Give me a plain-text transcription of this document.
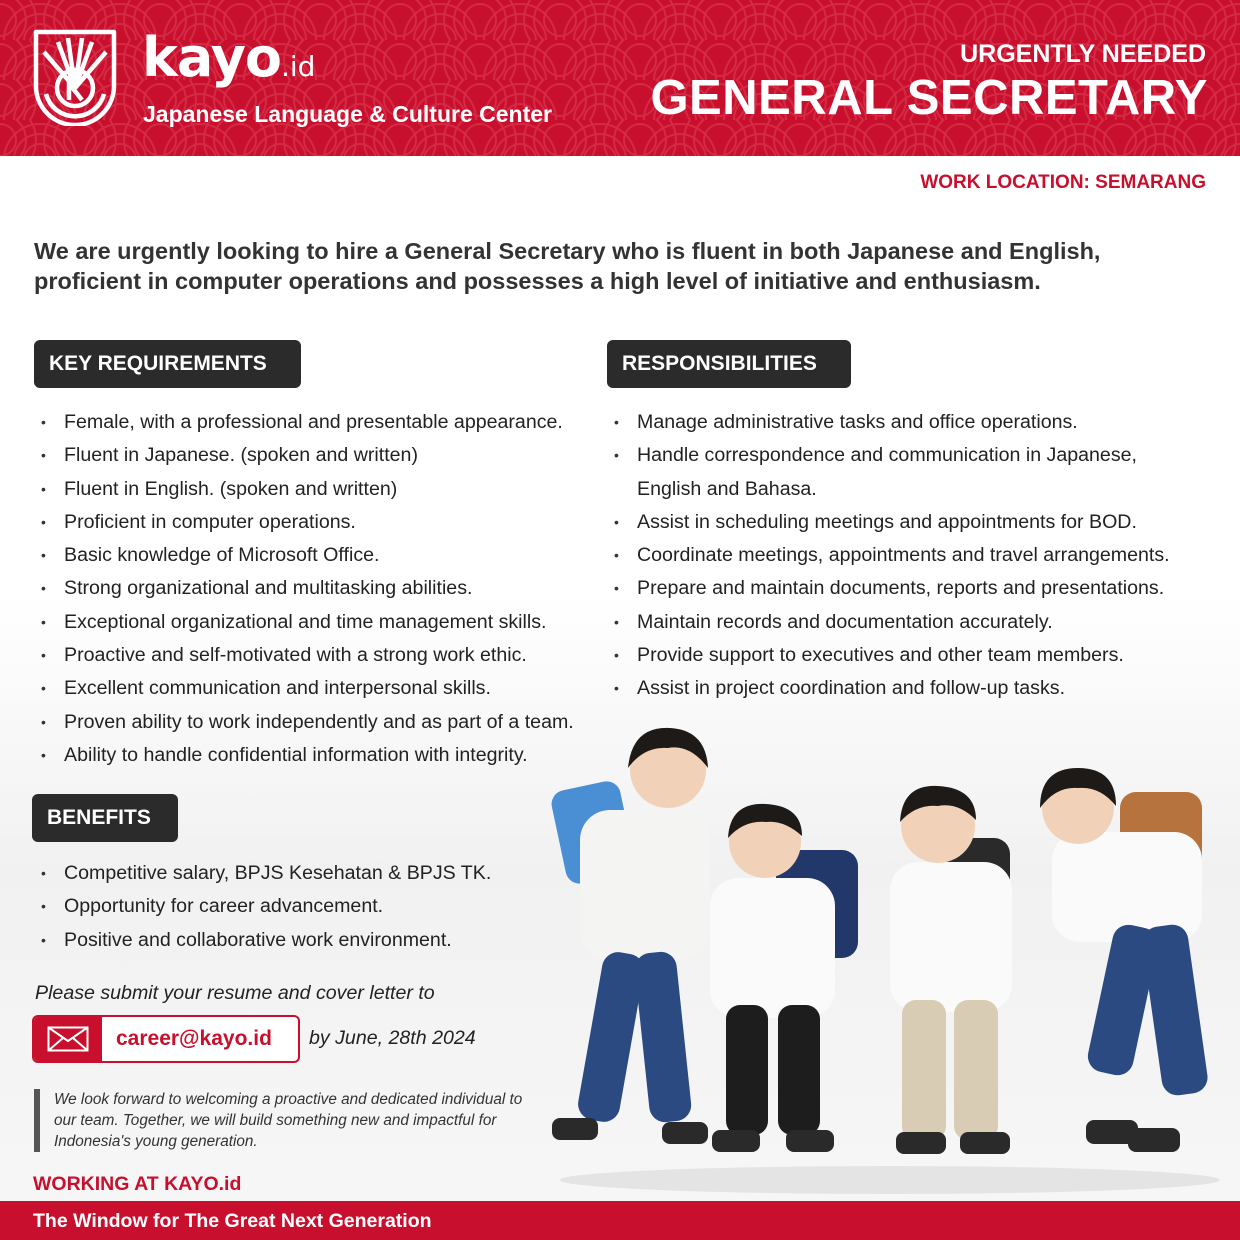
kayo.id
Japanese Language & Culture Center
URGENTLY NEEDED
GENERAL SECRETARY
WORK LOCATION: SEMARANG
We are urgently looking to hire a General Secretary who is fluent in both Japanese and English, proficient in computer operations and possesses a high level of initiative and enthusiasm.
KEY REQUIREMENTS	RESPONSIBILITIES
BENEFITS
• Female, with a professional and presentable appearance.
• Fluent in Japanese. (spoken and written)
• Fluent in English. (spoken and written)
• Proficient in computer operations.
• Basic knowledge of Microsoft Office.
• Strong organizational and multitasking abilities.
• Exceptional organizational and time management skills.
• Proactive and self-motivated with a strong work ethic.
• Excellent communication and interpersonal skills.
• Proven ability to work independently and as part of a team.
• Ability to handle confidential information with integrity.
• Manage administrative tasks and office operations.
• Handle correspondence and communication in Japanese,
English and Bahasa.
• Assist in scheduling meetings and appointments for BOD.
• Coordinate meetings, appointments and travel arrangements.
• Prepare and maintain documents, reports and presentations.
• Maintain records and documentation accurately.
• Provide support to executives and other team members.
• Assist in project coordination and follow-up tasks.
• Competitive salary, BPJS Kesehatan & BPJS TK.
• Opportunity for career advancement.
• Positive and collaborative work environment.
Please submit your resume and cover letter to
career@kayo.id by June, 28th 2024
We look forward to welcoming a proactive and dedicated individual to our team. Together, we will build something new and impactful for Indonesia's young generation.
WORKING AT KAYO.id
The Window for The Great Next Generation
